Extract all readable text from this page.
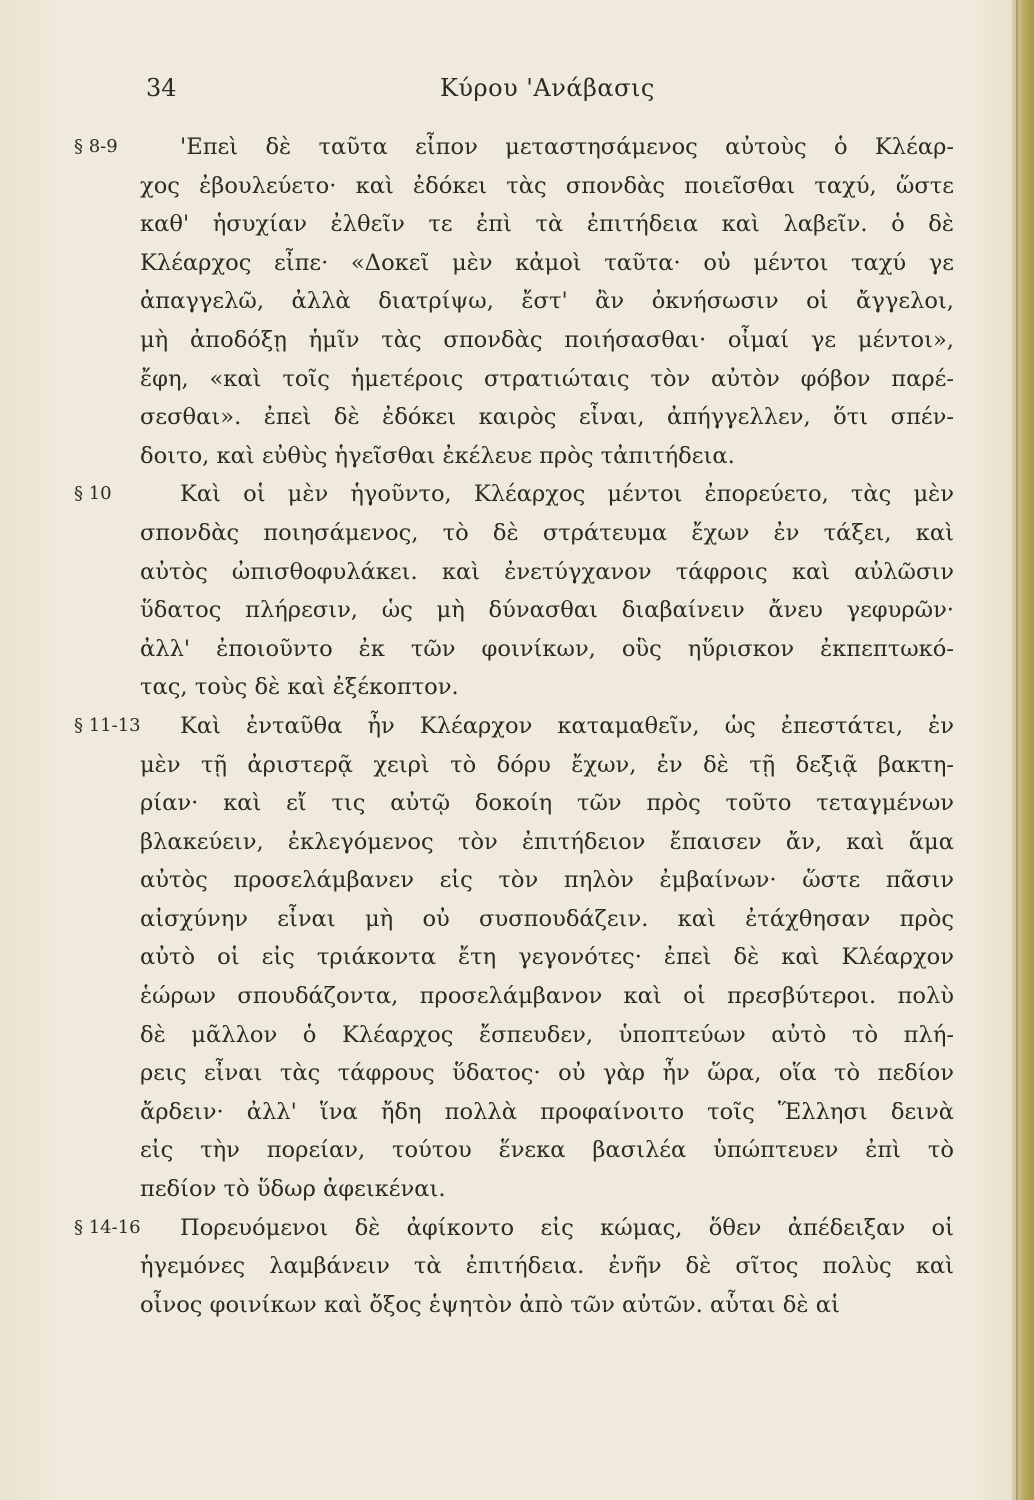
34	Κύρου 'Ανάβασις
§ 8-9	'Επεὶ δὲ ταῦτα εἶπον μεταστησάμενος αὐτοὺς ὁ Κλέαρ-
χος ἐβουλεύετο· καὶ ἐδόκει τὰς σπονδὰς ποιεῖσθαι ταχύ, ὥστε
καθ' ἡσυχίαν ἐλθεῖν τε ἐπὶ τὰ ἐπιτήδεια καὶ λαβεῖν. ὁ δὲ
Κλέαρχος εἶπε· «Δοκεῖ μὲν κἀμοὶ ταῦτα· οὐ μέντοι ταχύ γε
ἀπαγγελῶ, ἀλλὰ διατρίψω, ἔστ' ἂν ὀκνήσωσιν οἱ ἄγγελοι,
μὴ ἀποδόξῃ ἡμῖν τὰς σπονδὰς ποιήσασθαι· οἶμαί γε μέντοι»,
ἔφη, «καὶ τοῖς ἡμετέροις στρατιώταις τὸν αὐτὸν φόβον παρέ-
σεσθαι». ἐπεὶ δὲ ἐδόκει καιρὸς εἶναι, ἀπήγγελλεν, ὅτι σπέν-
δοιτο, καὶ εὐθὺς ἡγεῖσθαι ἐκέλευε πρὸς τἀπιτήδεια.
§ 10	Καὶ οἱ μὲν ἡγοῦντο, Κλέαρχος μέντοι ἐπορεύετο, τὰς μὲν
σπονδὰς ποιησάμενος, τὸ δὲ στράτευμα ἔχων ἐν τάξει, καὶ
αὐτὸς ὠπισθοφυλάκει. καὶ ἐνετύγχανον τάφροις καὶ αὐλῶσιν
ὕδατος πλήρεσιν, ὡς μὴ δύνασθαι διαβαίνειν ἄνευ γεφυρῶν·
ἀλλ' ἐποιοῦντο ἐκ τῶν φοινίκων, οὓς ηὕρισκον ἐκπεπτωκό-
τας, τοὺς δὲ καὶ ἐξέκοπτον.
§ 11-13	Καὶ ἐνταῦθα ἦν Κλέαρχον καταμαθεῖν, ὡς ἐπεστάτει, ἐν
μὲν τῇ ἀριστερᾷ χειρὶ τὸ δόρυ ἔχων, ἐν δὲ τῇ δεξιᾷ βακτη-
ρίαν· καὶ εἴ τις αὐτῷ δοκοίη τῶν πρὸς τοῦτο τεταγμένων
βλακεύειν, ἐκλεγόμενος τὸν ἐπιτήδειον ἔπαισεν ἄν, καὶ ἅμα
αὐτὸς προσελάμβανεν εἰς τὸν πηλὸν ἐμβαίνων· ὥστε πᾶσιν
αἰσχύνην εἶναι μὴ οὐ συσπουδάζειν. καὶ ἐτάχθησαν πρὸς
αὐτὸ οἱ εἰς τριάκοντα ἔτη γεγονότες· ἐπεὶ δὲ καὶ Κλέαρχον
ἑώρων σπουδάζοντα, προσελάμβανον καὶ οἱ πρεσβύτεροι. πολὺ
δὲ μᾶλλον ὁ Κλέαρχος ἔσπευδεν, ὑποπτεύων αὐτὸ τὸ πλή-
ρεις εἶναι τὰς τάφρους ὕδατος· οὐ γὰρ ἦν ὥρα, οἵα τὸ πεδίον
ἄρδειν· ἀλλ' ἵνα ἤδη πολλὰ προφαίνοιτο τοῖς Ἕλλησι δεινὰ
εἰς τὴν πορείαν, τούτου ἕνεκα βασιλέα ὑπώπτευεν ἐπὶ τὸ
πεδίον τὸ ὕδωρ ἀφεικέναι.
§ 14-16	Πορευόμενοι δὲ ἀφίκοντο εἰς κώμας, ὅθεν ἀπέδειξαν οἱ
ἡγεμόνες λαμβάνειν τὰ ἐπιτήδεια. ἐνῆν δὲ σῖτος πολὺς καὶ
οἶνος φοινίκων καὶ ὄξος ἑψητὸν ἀπὸ τῶν αὐτῶν. αὗται δὲ αἱ
